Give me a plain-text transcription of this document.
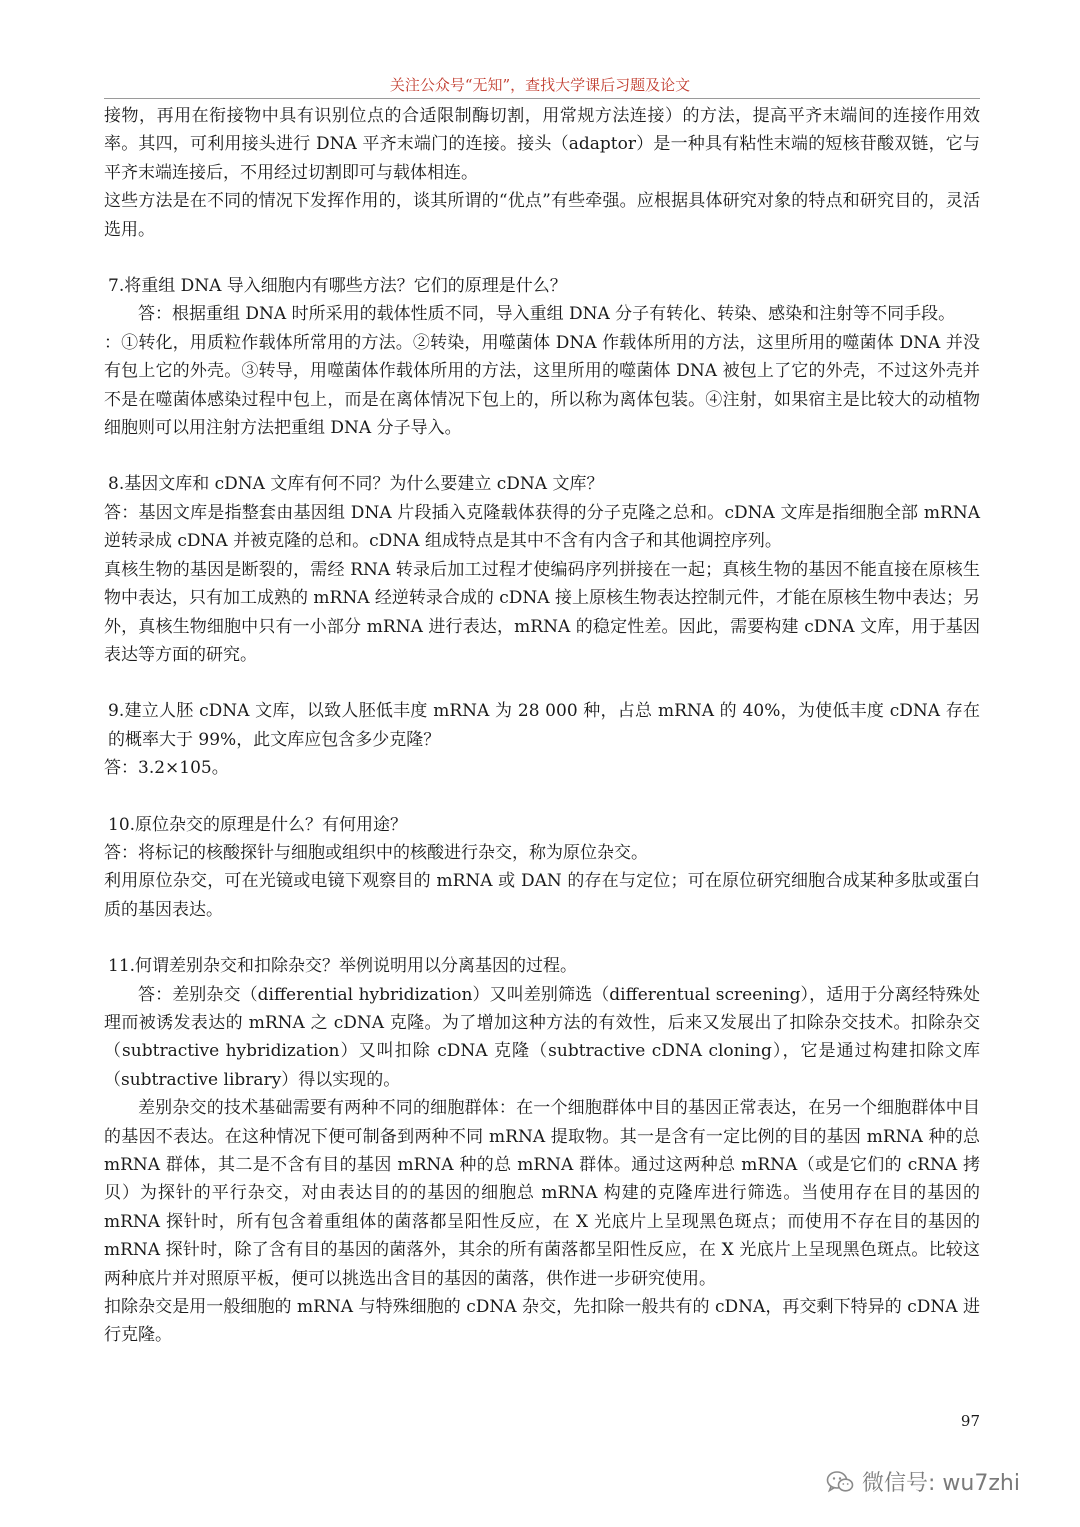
关注公众号“无知”，查找大学课后习题及论文

接物，再用在衔接物中具有识别位点的合适限制酶切割，用常规方法连接）的方法，提高平齐末端间的连接作用效率。其四，可利用接头进行 DNA 平齐末端门的连接。接头（adaptor）是一种具有粘性末端的短核苷酸双链，它与平齐末端连接后，不用经过切割即可与载体相连。

这些方法是在不同的情况下发挥作用的，谈其所谓的“优点”有些牵强。应根据具体研究对象的特点和研究目的，灵活选用。

7.将重组 DNA 导入细胞内有哪些方法？它们的原理是什么？

答：根据重组 DNA 时所采用的载体性质不同，导入重组 DNA 分子有转化、转染、感染和注射等不同手段。

：①转化，用质粒作载体所常用的方法。②转染，用噬菌体 DNA 作载体所用的方法，这里所用的噬菌体 DNA 并没有包上它的外壳。③转导，用噬菌体作载体所用的方法，这里所用的噬菌体 DNA 被包上了它的外壳，不过这外壳并不是在噬菌体感染过程中包上，而是在离体情况下包上的，所以称为离体包装。④注射，如果宿主是比较大的动植物细胞则可以用注射方法把重组 DNA 分子导入。

8.基因文库和 cDNA 文库有何不同？为什么要建立 cDNA 文库？

答：基因文库是指整套由基因组 DNA 片段插入克隆载体获得的分子克隆之总和。cDNA 文库是指细胞全部 mRNA 逆转录成 cDNA 并被克隆的总和。cDNA 组成特点是其中不含有内含子和其他调控序列。

真核生物的基因是断裂的，需经 RNA 转录后加工过程才使编码序列拼接在一起；真核生物的基因不能直接在原核生物中表达，只有加工成熟的 mRNA 经逆转录合成的 cDNA 接上原核生物表达控制元件，才能在原核生物中表达；另外，真核生物细胞中只有一小部分 mRNA 进行表达，mRNA 的稳定性差。因此，需要构建 cDNA 文库，用于基因表达等方面的研究。

9.建立人胚 cDNA 文库，以致人胚低丰度 mRNA 为 28 000 种，占总 mRNA 的 40%，为使低丰度 cDNA 存在的概率大于 99%，此文库应包含多少克隆？

答：3.2×105。

10.原位杂交的原理是什么？有何用途？

答：将标记的核酸探针与细胞或组织中的核酸进行杂交，称为原位杂交。

利用原位杂交，可在光镜或电镜下观察目的 mRNA 或 DAN 的存在与定位；可在原位研究细胞合成某种多肽或蛋白质的基因表达。

11.何谓差别杂交和扣除杂交？举例说明用以分离基因的过程。

答：差别杂交（differential hybridization）又叫差别筛选（differentual screening），适用于分离经特殊处理而被诱发表达的 mRNA 之 cDNA 克隆。为了增加这种方法的有效性，后来又发展出了扣除杂交技术。扣除杂交（subtractive hybridization）又叫扣除 cDNA 克隆（subtractive cDNA cloning），它是通过构建扣除文库（subtractive library）得以实现的。

差别杂交的技术基础需要有两种不同的细胞群体：在一个细胞群体中目的基因正常表达，在另一个细胞群体中目的基因不表达。在这种情况下便可制备到两种不同 mRNA 提取物。其一是含有一定比例的目的基因 mRNA 种的总 mRNA 群体，其二是不含有目的基因 mRNA 种的总 mRNA 群体。通过这两种总 mRNA（或是它们的 cRNA 拷贝）为探针的平行杂交，对由表达目的的基因的细胞总 mRNA 构建的克隆库进行筛选。当使用存在目的基因的 mRNA 探针时，所有包含着重组体的菌落都呈阳性反应，在 X 光底片上呈现黑色斑点；而使用不存在目的基因的 mRNA 探针时，除了含有目的基因的菌落外，其余的所有菌落都呈阳性反应，在 X 光底片上呈现黑色斑点。比较这两种底片并对照原平板，便可以挑选出含目的基因的菌落，供作进一步研究使用。

扣除杂交是用一般细胞的 mRNA 与特殊细胞的 cDNA 杂交，先扣除一般共有的 cDNA，再交剩下特异的 cDNA 进行克隆。

97
微信号: wu7zhi
